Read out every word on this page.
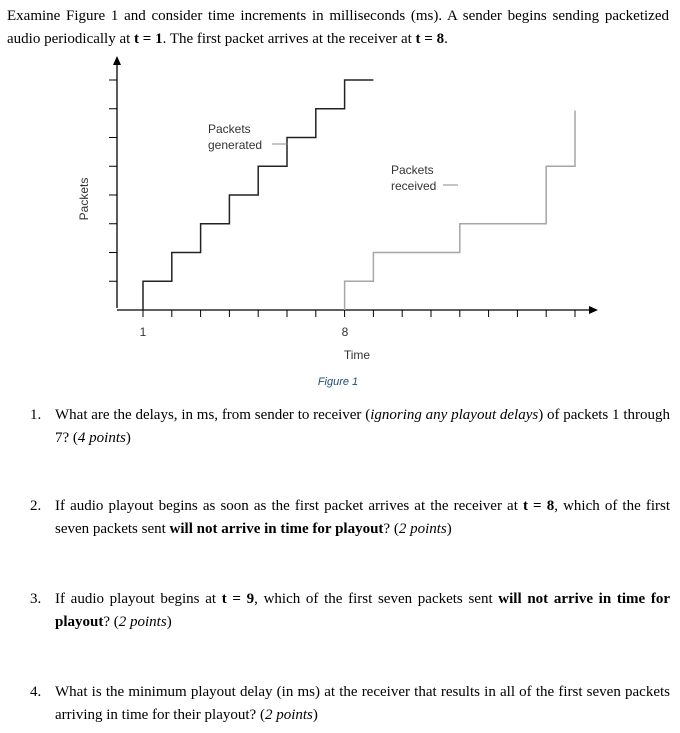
Examine Figure 1 and consider time increments in milliseconds (ms). A sender begins sending packetized audio periodically at t = 1. The first packet arrives at the receiver at t = 8.

1	8
Time
Packets
Packets
generated
Packets
received
Figure 1
1. What are the delays, in ms, from sender to receiver (ignoring any playout delays) of packets 1 through 7? (4 points)
2. If audio playout begins as soon as the first packet arrives at the receiver at t = 8, which of the first seven packets sent will not arrive in time for playout? (2 points)
3. If audio playout begins at t = 9, which of the first seven packets sent will not arrive in time for playout? (2 points)
4. What is the minimum playout delay (in ms) at the receiver that results in all of the first seven packets arriving in time for their playout? (2 points)
